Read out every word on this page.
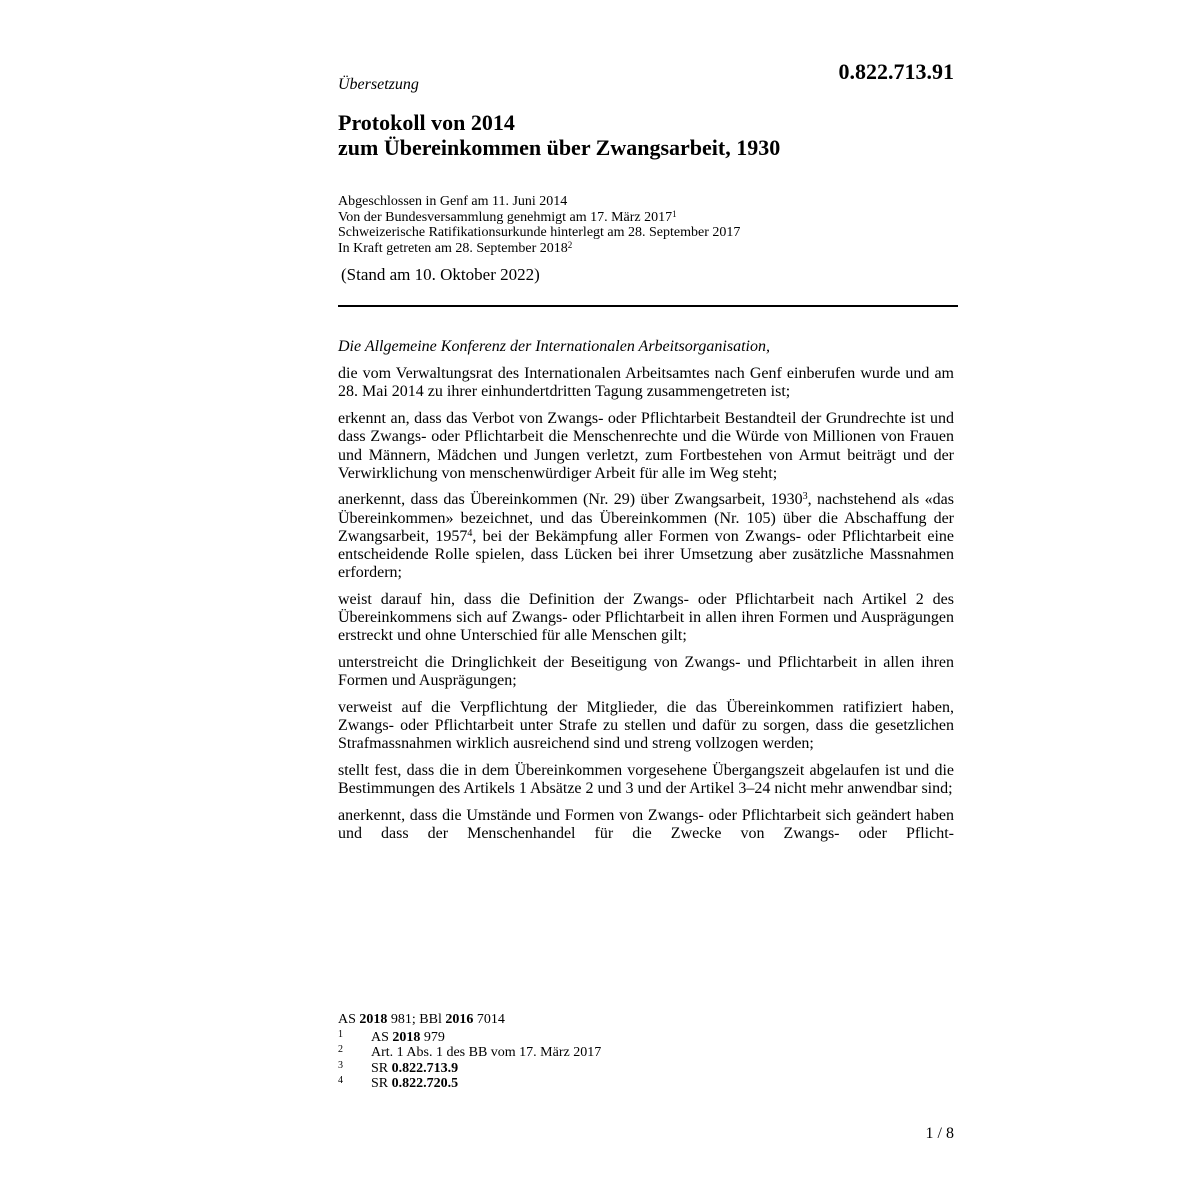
0.822.713.91
Übersetzung
Protokoll von 2014
zum Übereinkommen über Zwangsarbeit, 1930
Abgeschlossen in Genf am 11. Juni 2014
Von der Bundesversammlung genehmigt am 17. März 2017$^1$
Schweizerische Ratifikationsurkunde hinterlegt am 28. September 2017
In Kraft getreten am 28. September 2018$^2$
(Stand am 10. Oktober 2022)

Die Allgemeine Konferenz der Internationalen Arbeitsorganisation,

die vom Verwaltungsrat des Internationalen Arbeitsamtes nach Genf einberufen wurde und am 28. Mai 2014 zu ihrer einhundertdritten Tagung zusammengetreten ist;

erkennt an, dass das Verbot von Zwangs- oder Pflichtarbeit Bestandteil der Grundrechte ist und dass Zwangs- oder Pflichtarbeit die Menschenrechte und die Würde von Millionen von Frauen und Männern, Mädchen und Jungen verletzt, zum Fortbestehen von Armut beiträgt und der Verwirklichung von menschenwürdiger Arbeit für alle im Weg steht;

anerkennt, dass das Übereinkommen (Nr. 29) über Zwangsarbeit, 1930$^3$, nachstehend als «das Übereinkommen» bezeichnet, und das Übereinkommen (Nr. 105) über die Abschaffung der Zwangsarbeit, 1957$^4$, bei der Bekämpfung aller Formen von Zwangs- oder Pflichtarbeit eine entscheidende Rolle spielen, dass Lücken bei ihrer Umsetzung aber zusätzliche Massnahmen erfordern;

weist darauf hin, dass die Definition der Zwangs- oder Pflichtarbeit nach Artikel 2 des Übereinkommens sich auf Zwangs- oder Pflichtarbeit in allen ihren Formen und Ausprägungen erstreckt und ohne Unterschied für alle Menschen gilt;

unterstreicht die Dringlichkeit der Beseitigung von Zwangs- und Pflichtarbeit in allen ihren Formen und Ausprägungen;

verweist auf die Verpflichtung der Mitglieder, die das Übereinkommen ratifiziert haben, Zwangs- oder Pflichtarbeit unter Strafe zu stellen und dafür zu sorgen, dass die gesetzlichen Strafmassnahmen wirklich ausreichend sind und streng vollzogen werden;

stellt fest, dass die in dem Übereinkommen vorgesehene Übergangszeit abgelaufen ist und die Bestimmungen des Artikels 1 Absätze 2 und 3 und der Artikel 3–24 nicht mehr anwendbar sind;

anerkennt, dass die Umstände und Formen von Zwangs- oder Pflichtarbeit sich geändert haben und dass der Menschenhandel für die Zwecke von Zwangs- oder Pflicht-

AS 2018 981; BBl 2016 7014
1	AS 2018 979
2	Art. 1 Abs. 1 des BB vom 17. März 2017
3	SR 0.822.713.9
4	SR 0.822.720.5
1 / 8
